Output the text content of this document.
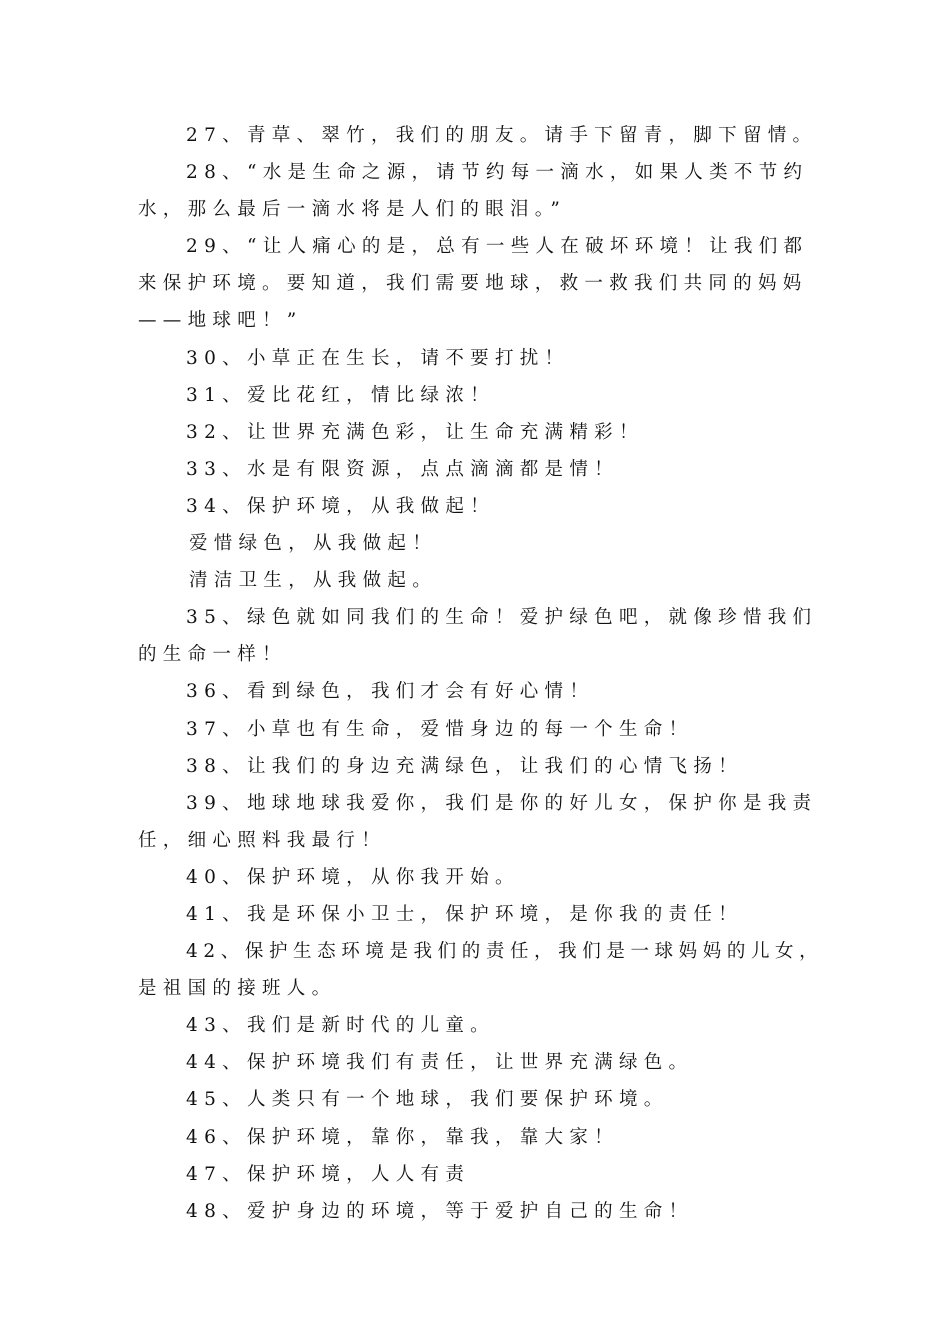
27、青草、翠竹，我们的朋友。请手下留青，脚下留情。
28、“水是生命之源，请节约每一滴水，如果人类不节约
水，那么最后一滴水将是人们的眼泪。”
29、“让人痛心的是，总有一些人在破坏环境！让我们都
来保护环境。要知道，我们需要地球，救一救我们共同的妈妈
——地球吧！”
30、小草正在生长，请不要打扰！
31、爱比花红，情比绿浓！
32、让世界充满色彩，让生命充满精彩！
33、水是有限资源，点点滴滴都是情！
34、保护环境，从我做起！
爱惜绿色，从我做起！
清洁卫生，从我做起。
35、绿色就如同我们的生命！爱护绿色吧，就像珍惜我们
的生命一样！
36、看到绿色，我们才会有好心情！
37、小草也有生命，爱惜身边的每一个生命！
38、让我们的身边充满绿色，让我们的心情飞扬！
39、地球地球我爱你，我们是你的好儿女，保护你是我责
任，细心照料我最行！
40、保护环境，从你我开始。
41、我是环保小卫士，保护环境，是你我的责任！
42、保护生态环境是我们的责任，我们是一球妈妈的儿女，
是祖国的接班人。
43、我们是新时代的儿童。
44、保护环境我们有责任，让世界充满绿色。
45、人类只有一个地球，我们要保护环境。
46、保护环境，靠你，靠我，靠大家！
47、保护环境，人人有责
48、爱护身边的环境，等于爱护自己的生命！
